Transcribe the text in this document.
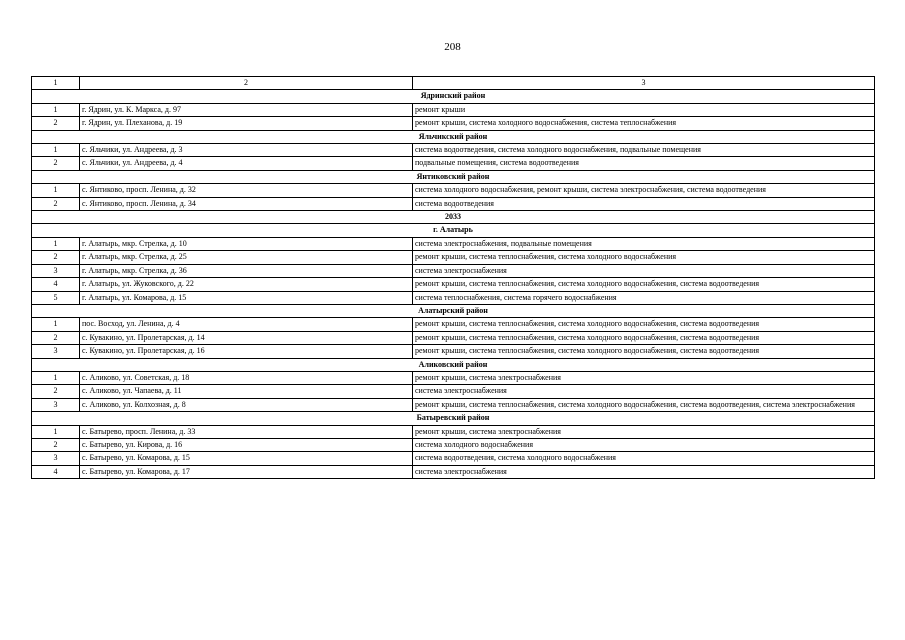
208
1	2	3
Ядринский район		
1	г. Ядрин, ул. К. Маркса, д. 97	ремонт крыши
2	г. Ядрин, ул. Плеханова, д. 19	ремонт крыши, система холодного водоснабжения, система теплоснабжения
Яльчикский район		
1	с. Яльчики, ул. Андреева, д. 3	система водоотведения, система холодного водоснабжения, подвальные помещения
2	с. Яльчики, ул. Андреева, д. 4	подвальные помещения, система водоотведения
Янтиковский район		
1	с. Янтиково, просп. Ленина, д. 32	система холодного водоснабжения, ремонт крыши, система электроснабжения, система водоотведения
2	с. Янтиково, просп. Ленина, д. 34	система водоотведения
2033		
г. Алатырь		
1	г. Алатырь, мкр. Стрелка, д. 10	система электроснабжения, подвальные помещения
2	г. Алатырь, мкр. Стрелка, д. 25	ремонт крыши, система теплоснабжения, система холодного водоснабжения
3	г. Алатырь, мкр. Стрелка, д. 36	система электроснабжения
4	г. Алатырь, ул. Жуковского, д. 22	ремонт крыши, система теплоснабжения, система холодного водоснабжения, система водоотведения
5	г. Алатырь, ул. Комарова, д. 15	система теплоснабжения, система горячего водоснабжения
Алатырский район		
1	пос. Восход, ул. Ленина, д. 4	ремонт крыши, система теплоснабжения, система холодного водоснабжения, система водоотведения
2	с. Кувакино, ул. Пролетарская, д. 14	ремонт крыши, система теплоснабжения, система холодного водоснабжения, система водоотведения
3	с. Кувакино, ул. Пролетарская, д. 16	ремонт крыши, система теплоснабжения, система холодного водоснабжения, система водоотведения
Аликовский район		
1	с. Аликово, ул. Советская, д. 18	ремонт крыши, система электроснабжения
2	с. Аликово, ул. Чапаева, д. 11	система электроснабжения
3	с. Аликово, ул. Колхозная, д. 8	ремонт крыши, система теплоснабжения, система холодного водоснабжения, система водоотведения, система электроснабжения
Батыревский район		
1	с. Батырево, просп. Ленина, д. 33	ремонт крыши, система электроснабжения
2	с. Батырево, ул. Кирова, д. 16	система холодного водоснабжения
3	с. Батырево, ул. Комарова, д. 15	система водоотведения, система холодного водоснабжения
4	с. Батырево, ул. Комарова, д. 17	система электроснабжения
